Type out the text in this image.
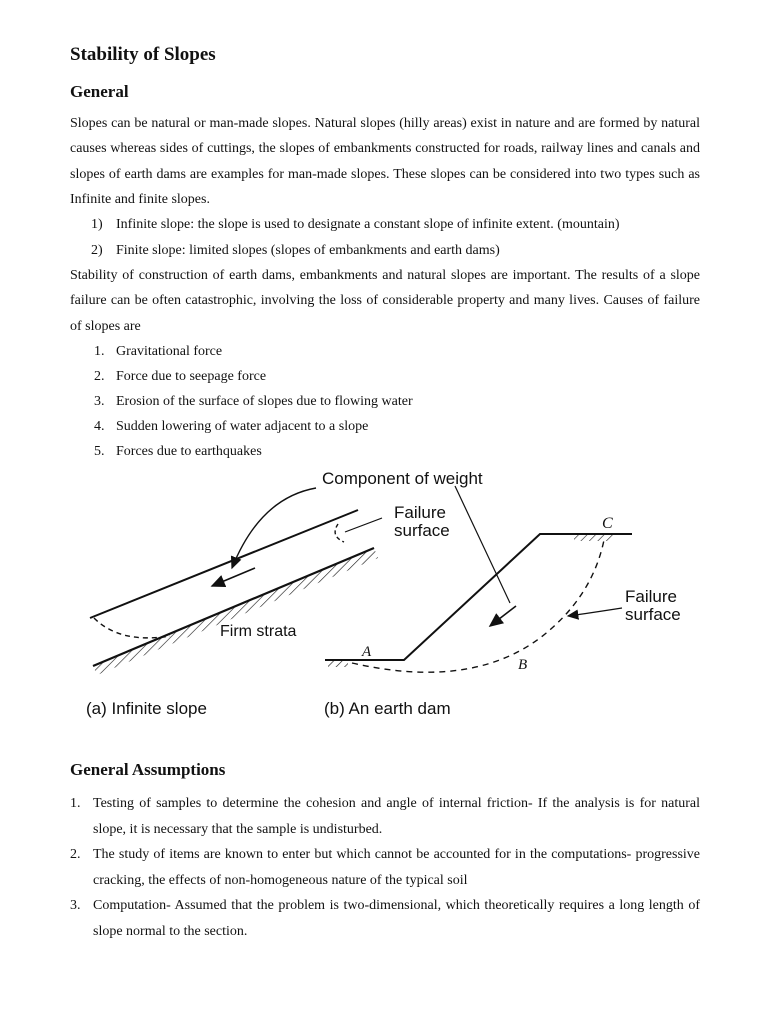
Stability of Slopes
General

Slopes can be natural or man-made slopes. Natural slopes (hilly areas) exist in nature and are formed by natural causes whereas sides of cuttings, the slopes of embankments constructed for roads, railway lines and canals and slopes of earth dams are examples for man-made slopes. These slopes can be considered into two types such as Infinite and finite slopes.

1) Infinite slope: the slope is used to designate a constant slope of infinite extent. (mountain)
2) Finite slope: limited slopes (slopes of embankments and earth dams)

Stability of construction of earth dams, embankments and natural slopes are important. The results of a slope failure can be often catastrophic, involving the loss of considerable property and many lives. Causes of failure of slopes are

1. Gravitational force
2. Force due to seepage force
3. Erosion of the surface of slopes due to flowing water
4. Sudden lowering of water adjacent to a slope
5. Forces due to earthquakes
Firm strata
(a) Infinite slope
Component of weight
Failure
surface
A
B
C
Failure
surface
(b) An earth dam
General Assumptions
1. Testing of samples to determine the cohesion and angle of internal friction- If the analysis is for natural slope, it is necessary that the sample is undisturbed.
2. The study of items are known to enter but which cannot be accounted for in the computations- progressive cracking, the effects of non-homogeneous nature of the typical soil
3. Computation- Assumed that the problem is two-dimensional, which theoretically requires a long length of slope normal to the section.
